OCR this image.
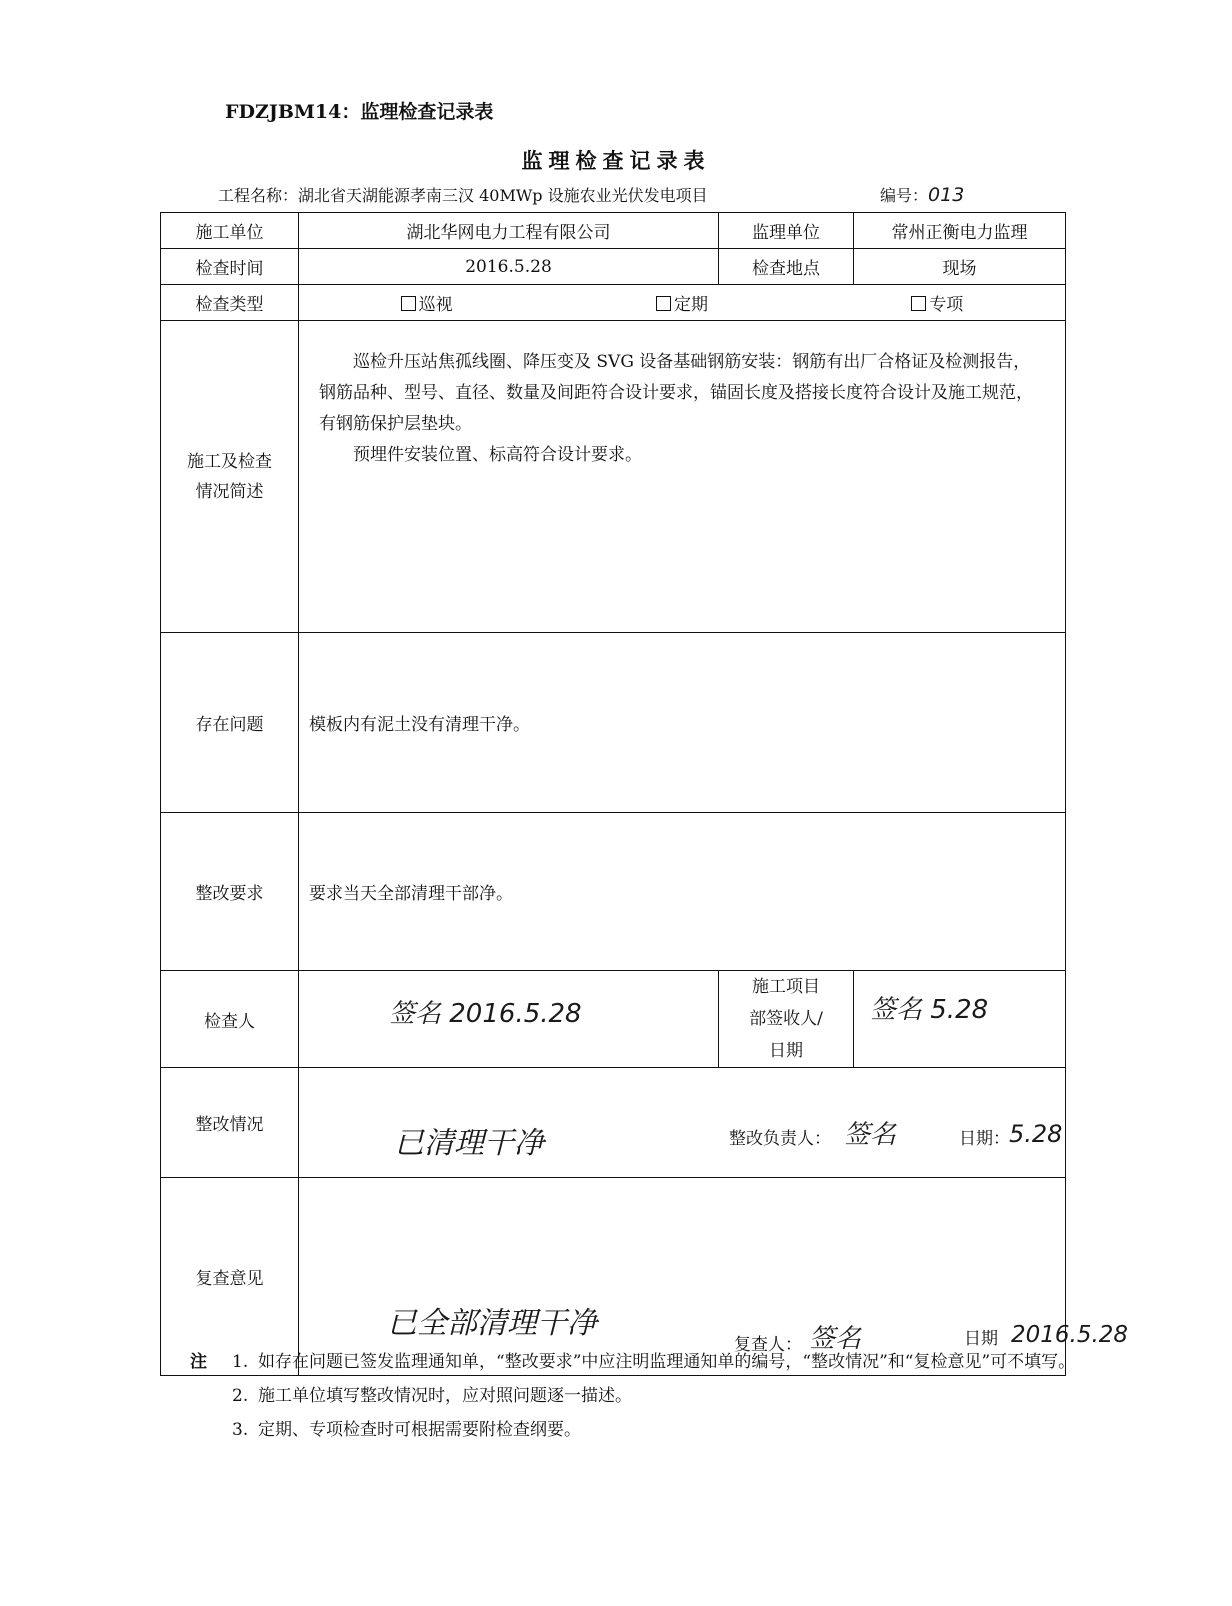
FDZJBM14：监理检查记录表
监理检查记录表
工程名称：湖北省天湖能源孝南三汉 40MWp 设施农业光伏发电项目	编号：013
施工单位	湖北华网电力工程有限公司	监理单位	常州正衡电力监理
检查时间	2016.5.28	检查地点	现场
检查类型	巡视 定期 专项		

施工及检查情况简述	巡检升压站焦孤线圈、降压变及 SVG 设备基础钢筋安装：钢筋有出厂合格证及检测报告，钢筋品种、型号、直径、数量及间距符合设计要求，锚固长度及搭接长度符合设计及施工规范，有钢筋保护层垫块。

预埋件安装位置、标高符合设计要求。		

存在问题	模板内有泥土没有清理干净。		
整改要求	要求当天全部清理干部净。		
检查人	签名 2016.5.28	施工项目部签收人/日期	签名 5.28

整改情况	已清理干净 整改负责人： 签名 日期： 5.28		

复查意见	已全部清理干净
复查人： 签名 日期 2016.5.28		
注	1. 如存在问题已签发监理通知单，“整改要求”中应注明监理通知单的编号，“整改情况”和“复检意见”可不填写。
2. 施工单位填写整改情况时，应对照问题逐一描述。
3. 定期、专项检查时可根据需要附检查纲要。
